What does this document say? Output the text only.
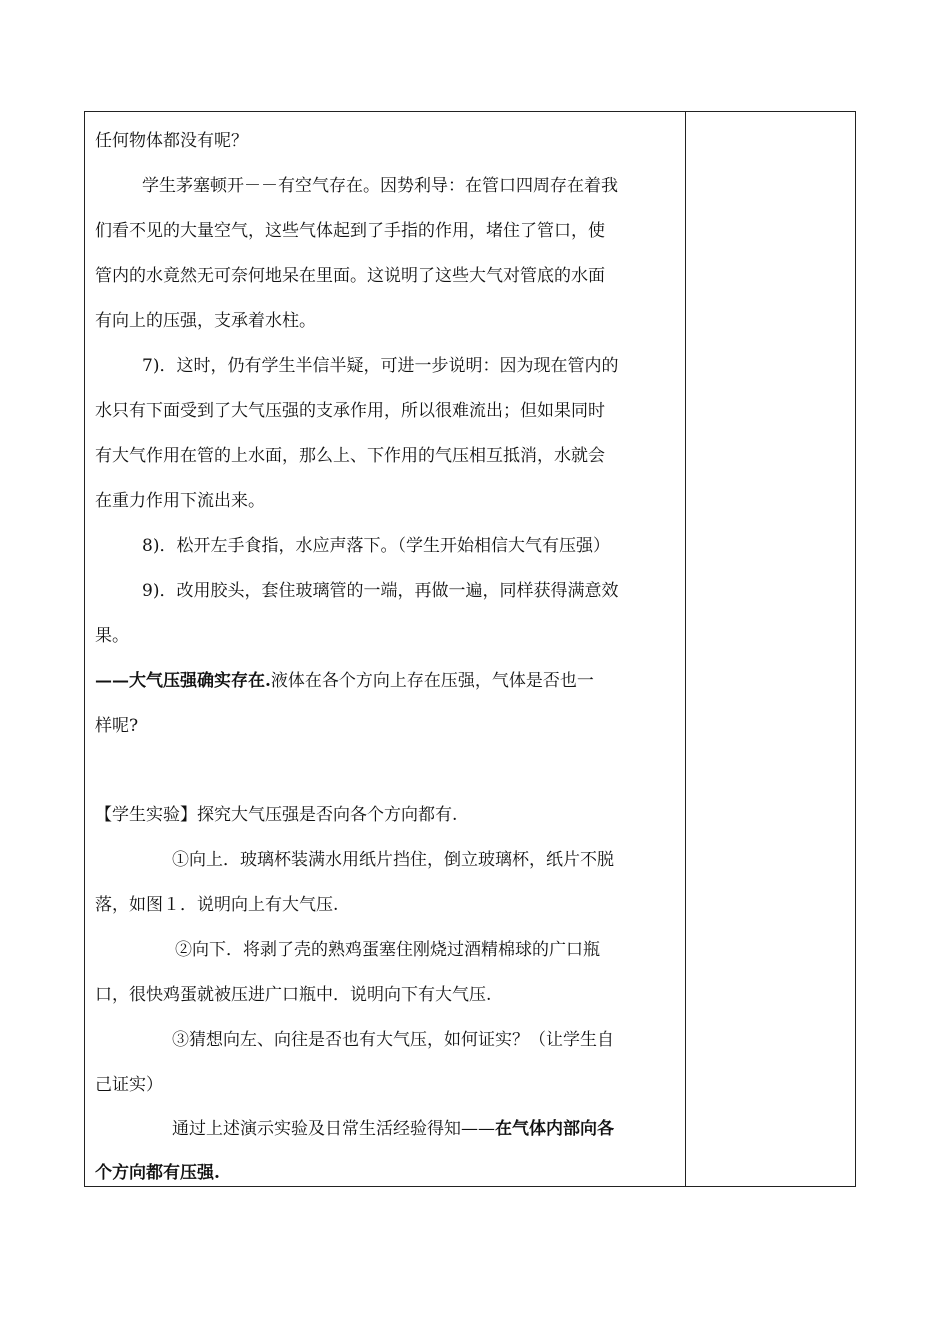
任何物体都没有呢？
学生茅塞顿开－－有空气存在。因势利导：在管口四周存在着我
们看不见的大量空气，这些气体起到了手指的作用，堵住了管口，使
管内的水竟然无可奈何地呆在里面。这说明了这些大气对管底的水面
有向上的压强，支承着水柱。
7)．这时，仍有学生半信半疑，可进一步说明：因为现在管内的
水只有下面受到了大气压强的支承作用，所以很难流出；但如果同时
有大气作用在管的上水面，那么上、下作用的气压相互抵消，水就会
在重力作用下流出来。
8)．松开左手食指，水应声落下。（学生开始相信大气有压强）
9)．改用胶头，套住玻璃管的一端，再做一遍，同样获得满意效
果。
——大气压强确实存在.液体在各个方向上存在压强，气体是否也一
样呢?
【学生实验】探究大气压强是否向各个方向都有.
①向上．玻璃杯装满水用纸片挡住，倒立玻璃杯，纸片不脱
落，如图１．说明向上有大气压.
②向下．将剥了壳的熟鸡蛋塞住刚烧过酒精棉球的广口瓶
口，很快鸡蛋就被压进广口瓶中．说明向下有大气压.
③猜想向左、向往是否也有大气压，如何证实？（让学生自
己证实）
通过上述演示实验及日常生活经验得知——在气体内部向各
个方向都有压强.
